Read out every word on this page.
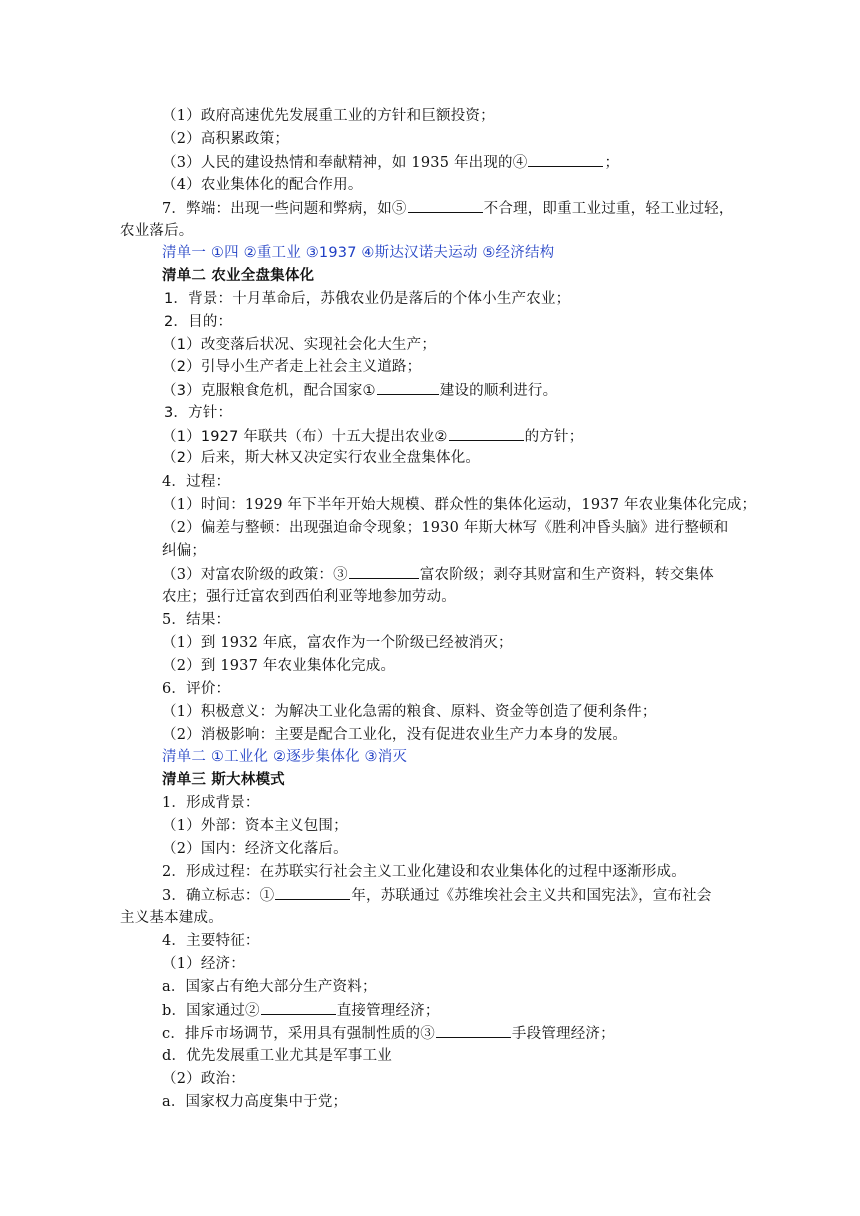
（1）政府高速优先发展重工业的方针和巨额投资；
（2）高积累政策；
（3）人民的建设热情和奉献精神，如 1935 年出现的④	；
（4）农业集体化的配合作用。
7．弊端：出现一些问题和弊病，如⑤	不合理，即重工业过重，轻工业过轻，
农业落后。
清单一 ①四 ②重工业 ③1937 ④斯达汉诺夫运动 ⑤经济结构
清单二 农业全盘集体化
1．背景：十月革命后，苏俄农业仍是落后的个体小生产农业；
2．目的：
（1）改变落后状况、实现社会化大生产；
（2）引导小生产者走上社会主义道路；
（3）克服粮食危机，配合国家①	建设的顺利进行。
3．方针：
（1）1927 年联共（布）十五大提出农业②	的方针；
（2）后来，斯大林又决定实行农业全盘集体化。
4．过程：
（1）时间：1929 年下半年开始大规模、群众性的集体化运动，1937 年农业集体化完成；
（2）偏差与整顿：出现强迫命令现象；1930 年斯大林写《胜利冲昏头脑》进行整顿和
纠偏；
（3）对富农阶级的政策：③	富农阶级；剥夺其财富和生产资料，转交集体
农庄；强行迁富农到西伯利亚等地参加劳动。
5．结果：
（1）到 1932 年底，富农作为一个阶级已经被消灭；
（2）到 1937 年农业集体化完成。
6．评价：
（1）积极意义：为解决工业化急需的粮食、原料、资金等创造了便利条件；
（2）消极影响：主要是配合工业化，没有促进农业生产力本身的发展。
清单二 ①工业化 ②逐步集体化 ③消灭
清单三 斯大林模式
1．形成背景：
（1）外部：资本主义包围；
（2）国内：经济文化落后。
2．形成过程：在苏联实行社会主义工业化建设和农业集体化的过程中逐渐形成。
3．确立标志：①	年，苏联通过《苏维埃社会主义共和国宪法》，宣布社会
主义基本建成。
4．主要特征：
（1）经济：
a．国家占有绝大部分生产资料；
b．国家通过②	直接管理经济；
c．排斥市场调节，采用具有强制性质的③	手段管理经济；
d．优先发展重工业尤其是军事工业
（2）政治：
a．国家权力高度集中于党；
